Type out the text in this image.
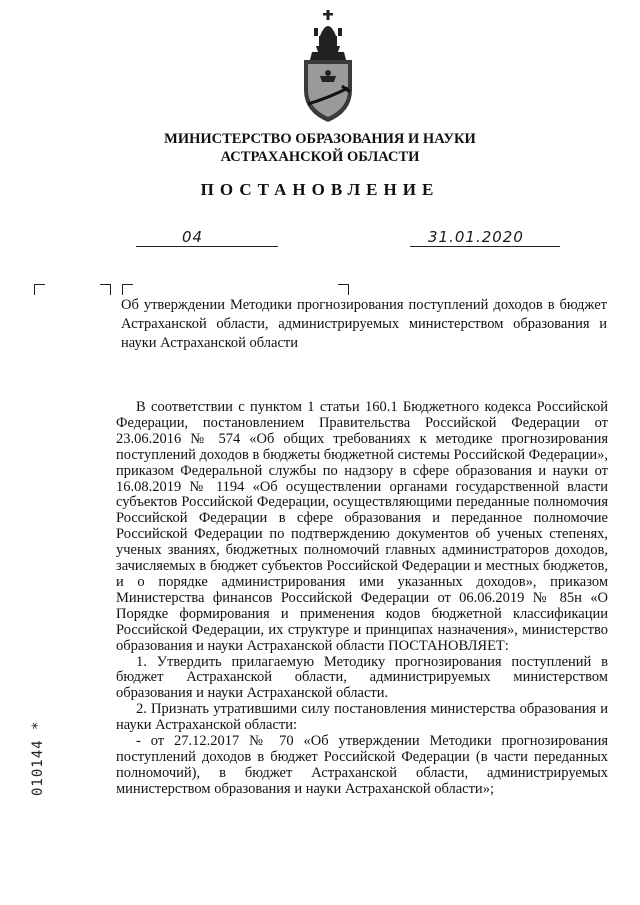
МИНИСТЕРСТВО ОБРАЗОВАНИЯ И НАУКИ
АСТРАХАНСКОЙ ОБЛАСТИ
ПОСТАНОВЛЕНИЕ
04	31.01.2020
Об утверждении Методики прогнозирования поступлений доходов в бюджет Астраханской области, администрируемых министерством образования и науки Астраханской области

В соответствии с пунктом 1 статьи 160.1 Бюджетного кодекса Российской Федерации, постановлением Правительства Российской Федерации от 23.06.2016 № 574 «Об общих требованиях к методике прогнозирования поступлений доходов в бюджеты бюджетной системы Российской Федерации», приказом Федеральной службы по надзору в сфере образования и науки от 16.08.2019 № 1194 «Об осуществлении органами государственной власти субъектов Российской Федерации, осуществляющими переданные полномочия Российской Федерации в сфере образования и переданное полномочие Российской Федерации по подтверждению документов об ученых степенях, ученых званиях, бюджетных полномочий главных администраторов доходов, зачисляемых в бюджет субъектов Российской Федерации и местных бюджетов, и о порядке администрирования ими указанных доходов», приказом Министерства финансов Российской Федерации от 06.06.2019 № 85н «О Порядке формирования и применения кодов бюджетной классификации Российской Федерации, их структуре и принципах назначения», министерство образования и науки Астраханской области ПОСТАНОВЛЯЕТ:

1. Утвердить прилагаемую Методику прогнозирования поступлений в бюджет Астраханской области, администрируемых министерством образования и науки Астраханской области.

2. Признать утратившими силу постановления министерства образования и науки Астраханской области:

- от 27.12.2017 № 70 «Об утверждении Методики прогнозирования поступлений доходов в бюджет Российской Федерации (в части переданных полномочий), в бюджет Астраханской области, администрируемых министерством образования и науки Астраханской области»;

010144 *
